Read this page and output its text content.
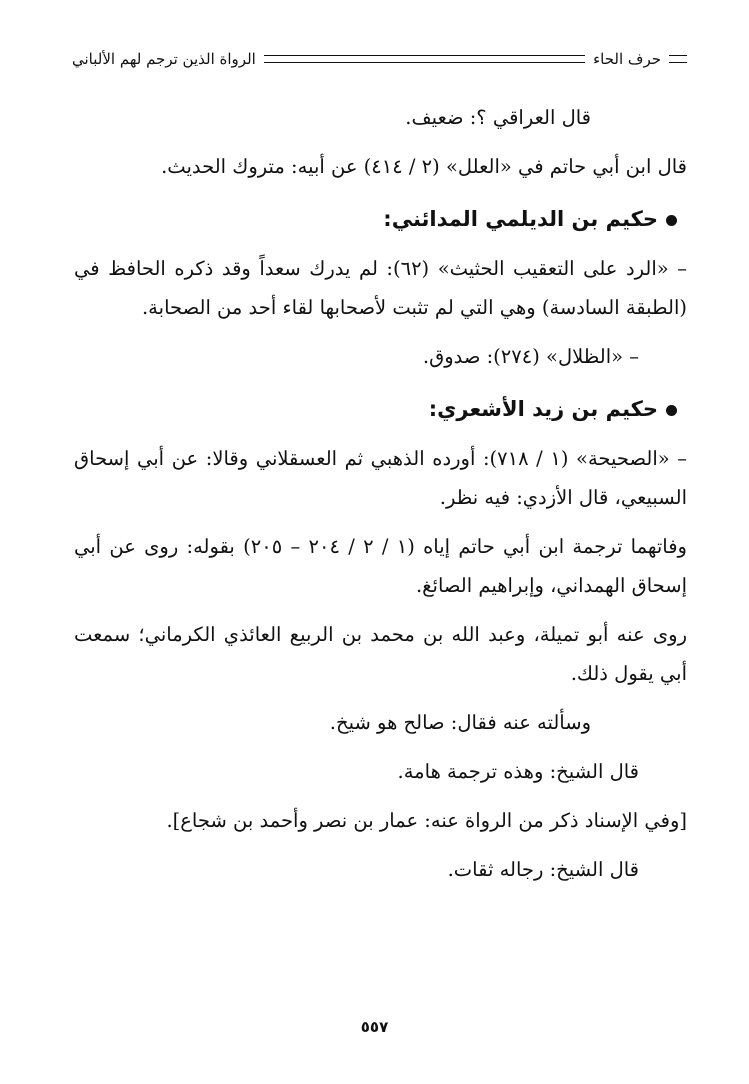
حرف الحاء
الرواة الذين ترجم لهم الألباني

قال العراقي ؟: ضعيف.

قال ابن أبي حاتم في «العلل» (٢ / ٤١٤) عن أبيه: متروك الحديث.

حكيم بن الديلمي المدائني:

– «الرد على التعقيب الحثيث» (٦٢): لم يدرك سعداً وقد ذكره الحافظ في (الطبقة السادسة) وهي التي لم تثبت لأصحابها لقاء أحد من الصحابة.

– «الظلال» (٢٧٤): صدوق.

حكيم بن زيد الأشعري:

– «الصحيحة» (١ / ٧١٨): أورده الذهبي ثم العسقلاني وقالا: عن أبي إسحاق السبيعي، قال الأزدي: فيه نظر.

وفاتهما ترجمة ابن أبي حاتم إياه (١ / ٢ / ٢٠٤ – ٢٠٥) بقوله: روى عن أبي إسحاق الهمداني، وإبراهيم الصائغ.

روى عنه أبو تميلة، وعبد الله بن محمد بن الربيع العائذي الكرماني؛ سمعت أبي يقول ذلك.

وسألته عنه فقال: صالح هو شيخ.

قال الشيخ: وهذه ترجمة هامة.

[وفي الإسناد ذكر من الرواة عنه: عمار بن نصر وأحمد بن شجاع].

قال الشيخ: رجاله ثقات.

٥٥٧
